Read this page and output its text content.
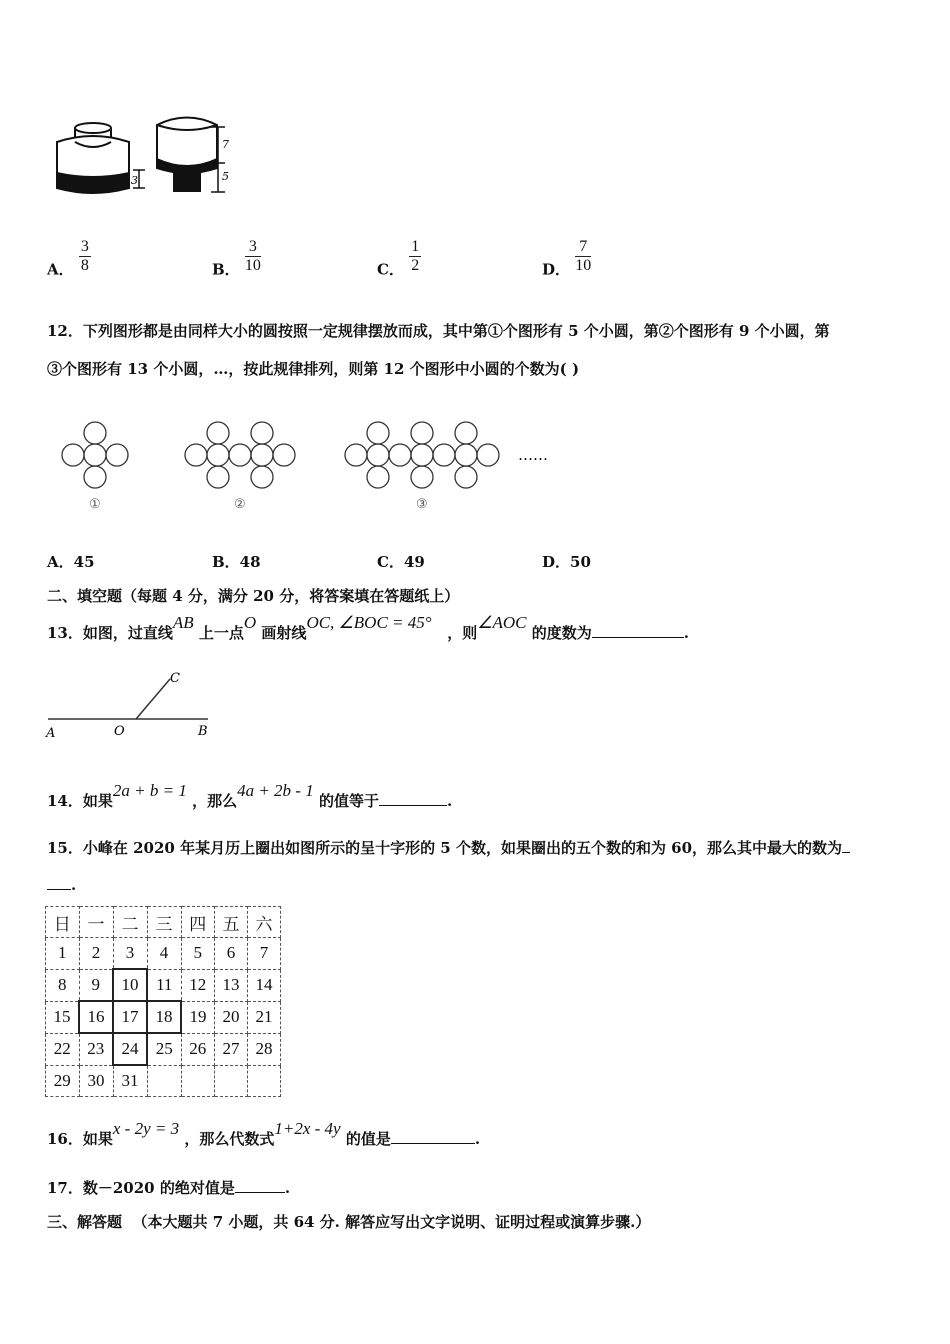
3
7
5
A． $\frac{3}{8}$	B． $\frac{3}{10}$	C． $\frac{1}{2}$	D． $\frac{7}{10}$
12．下列图形都是由同样大小的圆按照一定规律摆放而成，其中第①个图形有 5 个小圆，第②个图形有 9 个小圆，第
③个图形有 13 个小圆，…，按此规律排列，则第 12 个图形中小圆的个数为( )
①	②	③
……
A．45	B．48	C．49	D．50
二、填空题（每题 4 分，满分 20 分，将答案填在答题纸上）
13．如图，过直线AB 上一点O 画射线OC, ∠BOC = 45°   ，则∠AOC 的度数为	.
A	O	B
C
14．如果2a + b = 1 ，那么4a + 2b - 1 的值等于	.
15．小峰在 2020 年某月历上圈出如图所示的呈十字形的 5 个数，如果圈出的五个数的和为 60，那么其中最大的数为
.
日	一	二	三	四	五	六
1	2	3	4	5	6	7
8	9	10	11	12	13	14
15	16	17	18	19	20	21
22	23	24	25	26	27	28
29	30	31				
16．如果x - 2y = 3 ，那么代数式1+2x - 4y 的值是	.
17．数－2020 的绝对值是	.
三、解答题 （本大题共 7 小题，共 64 分. 解答应写出文字说明、证明过程或演算步骤.）
